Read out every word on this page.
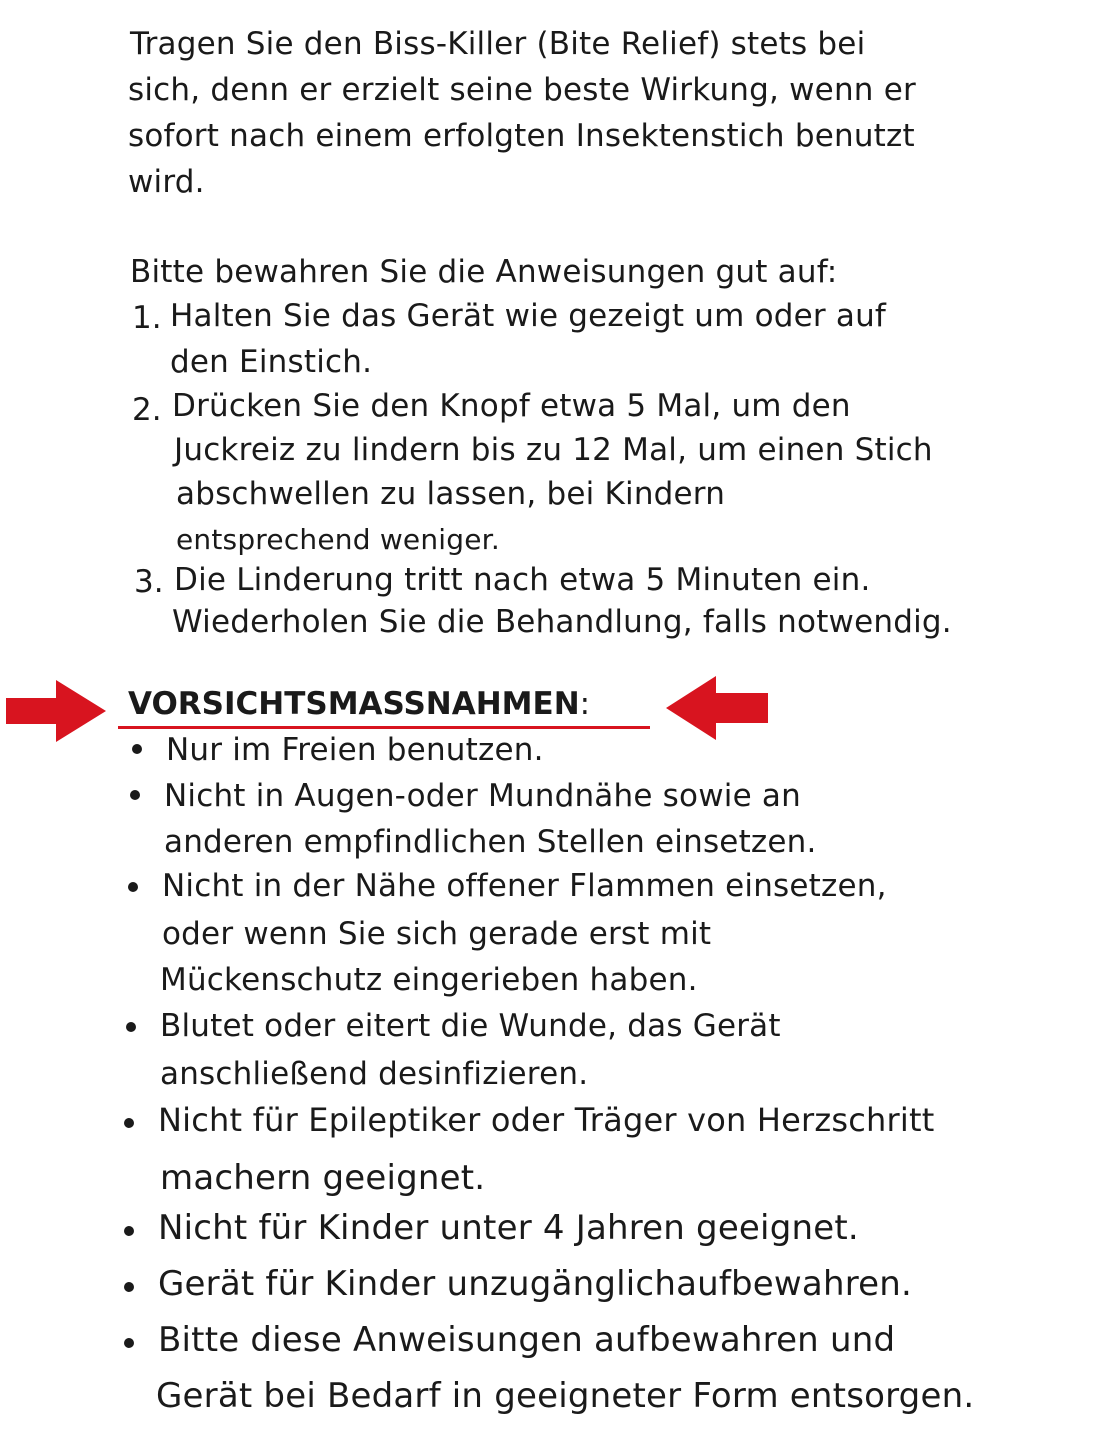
Tragen Sie den Biss-Killer (Bite Relief) stets bei
sich, denn er erzielt seine beste Wirkung, wenn er
sofort nach einem erfolgten Insektenstich benutzt
wird.
Bitte bewahren Sie die Anweisungen gut auf:
1. Halten Sie das Gerät wie gezeigt um oder auf
den Einstich.
2. Drücken Sie den Knopf etwa 5 Mal, um den
Juckreiz zu lindern bis zu 12 Mal, um einen Stich
abschwellen zu lassen, bei Kindern
entsprechend weniger.
3. Die Linderung tritt nach etwa 5 Minuten ein.
Wiederholen Sie die Behandlung, falls notwendig.
VORSICHTSMASSNAHMEN:
Nur im Freien benutzen.
Nicht in Augen-oder Mundnähe sowie an
anderen empfindlichen Stellen einsetzen.
Nicht in der Nähe offener Flammen einsetzen,
oder wenn Sie sich gerade erst mit
Mückenschutz eingerieben haben.
Blutet oder eitert die Wunde, das Gerät
anschließend desinfizieren.
Nicht für Epileptiker oder Träger von Herzschritt
machern geeignet.
Nicht für Kinder unter 4 Jahren geeignet.
Gerät für Kinder unzugänglichaufbewahren.
Bitte diese Anweisungen aufbewahren und
Gerät bei Bedarf in geeigneter Form entsorgen.
